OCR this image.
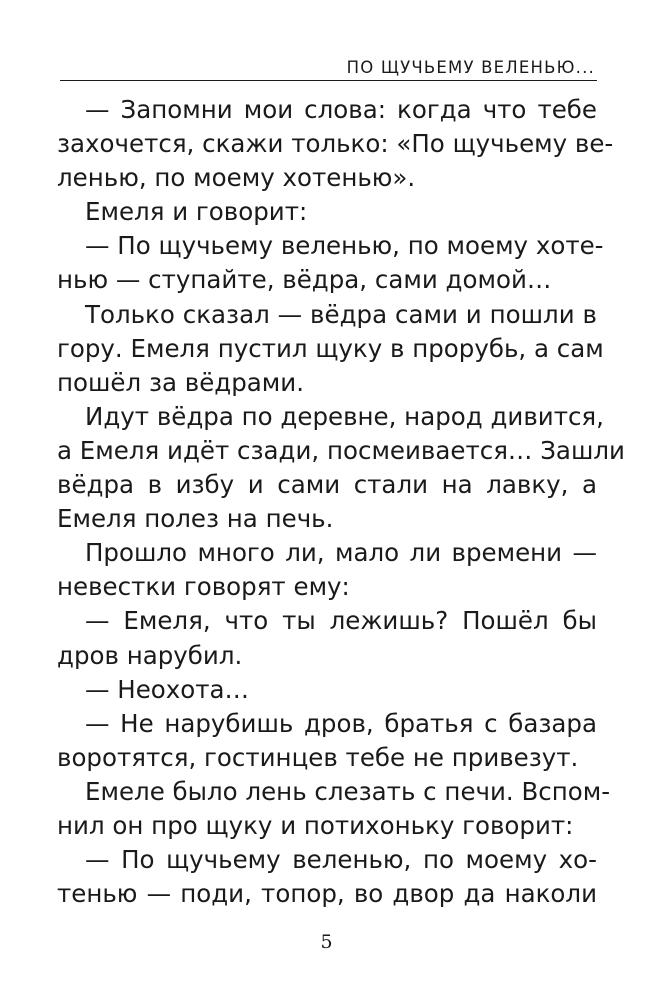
ПО ЩУЧЬЕМУ ВЕЛЕНЬЮ...
— Запомни мои слова: когда что тебе
захочется, скажи только: «По щучьему ве-
ленью, по моему хотенью».
Емеля и говорит:
— По щучьему веленью, по моему хоте-
нью — ступайте, вёдра, сами домой…
Только сказал — вёдра сами и пошли в
гору. Емеля пустил щуку в прорубь, а сам
пошёл за вёдрами.
Идут вёдра по деревне, народ дивится,
а Емеля идёт сзади, посмеивается… Зашли
вёдра в избу и сами стали на лавку, а
Емеля полез на печь.
Прошло много ли, мало ли времени —
невестки говорят ему:
— Емеля, что ты лежишь? Пошёл бы
дров нарубил.
— Неохота…
— Не нарубишь дров, братья с базара
воротятся, гостинцев тебе не привезут.
Емеле было лень слезать с печи. Вспом-
нил он про щуку и потихоньку говорит:
— По щучьему веленью, по моему хо-
тенью — поди, топор, во двор да наколи
5
